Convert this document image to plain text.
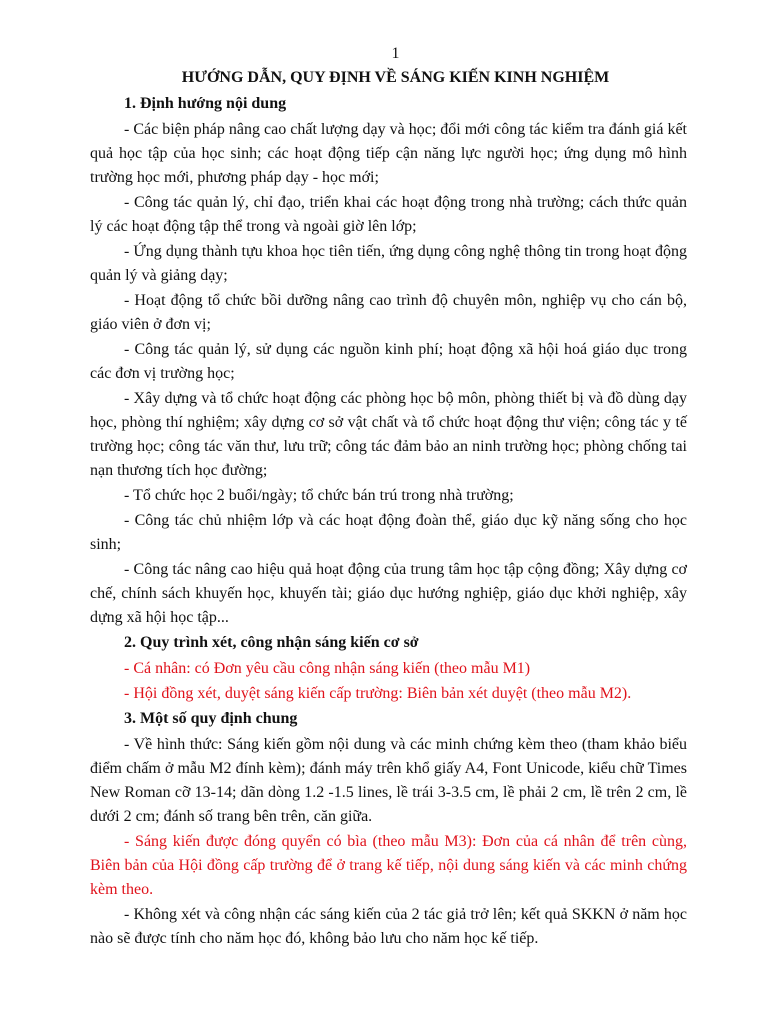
1
HƯỚNG DẪN, QUY ĐỊNH VỀ SÁNG KIẾN KINH NGHIỆM
1. Định hướng nội dung

- Các biện pháp nâng cao chất lượng dạy và học; đổi mới công tác kiểm tra đánh giá kết quả học tập của học sinh; các hoạt động tiếp cận năng lực người học; ứng dụng mô hình trường học mới, phương pháp dạy - học mới;

- Công tác quản lý, chỉ đạo, triển khai các hoạt động trong nhà trường; cách thức quản lý các hoạt động tập thể trong và ngoài giờ lên lớp;

- Ứng dụng thành tựu khoa học tiên tiến, ứng dụng công nghệ thông tin trong hoạt động quản lý và giảng dạy;

- Hoạt động tổ chức bồi dưỡng nâng cao trình độ chuyên môn, nghiệp vụ cho cán bộ, giáo viên ở đơn vị;

- Công tác quản lý, sử dụng các nguồn kinh phí; hoạt động xã hội hoá giáo dục trong các đơn vị trường học;

- Xây dựng và tổ chức hoạt động các phòng học bộ môn, phòng thiết bị và đồ dùng dạy học, phòng thí nghiệm; xây dựng cơ sở vật chất và tổ chức hoạt động thư viện; công tác y tế trường học; công tác văn thư, lưu trữ; công tác đảm bảo an ninh trường học; phòng chống tai nạn thương tích học đường;

- Tổ chức học 2 buổi/ngày; tổ chức bán trú trong nhà trường;

- Công tác chủ nhiệm lớp và các hoạt động đoàn thể, giáo dục kỹ năng sống cho học sinh;

- Công tác nâng cao hiệu quả hoạt động của trung tâm học tập cộng đồng; Xây dựng cơ chế, chính sách khuyến học, khuyến tài; giáo dục hướng nghiệp, giáo dục khởi nghiệp, xây dựng xã hội học tập...

2. Quy trình xét, công nhận sáng kiến cơ sở

- Cá nhân: có Đơn yêu cầu công nhận sáng kiến (theo mẫu M1)

- Hội đồng xét, duyệt sáng kiến cấp trường: Biên bản xét duyệt (theo mẫu M2).

3. Một số quy định chung

- Về hình thức: Sáng kiến gồm nội dung và các minh chứng kèm theo (tham khảo biểu điểm chấm ở mẫu M2 đính kèm); đánh máy trên khổ giấy A4, Font Unicode, kiểu chữ Times New Roman cỡ 13-14; dãn dòng 1.2 -1.5 lines, lề trái 3-3.5 cm, lề phải 2 cm, lề trên 2 cm, lề dưới 2 cm; đánh số trang bên trên, căn giữa.

- Sáng kiến được đóng quyển có bìa (theo mẫu M3): Đơn của cá nhân để trên cùng, Biên bản của Hội đồng cấp trường để ở trang kế tiếp, nội dung sáng kiến và các minh chứng kèm theo.

- Không xét và công nhận các sáng kiến của 2 tác giả trở lên; kết quả SKKN ở năm học nào sẽ được tính cho năm học đó, không bảo lưu cho năm học kế tiếp.
